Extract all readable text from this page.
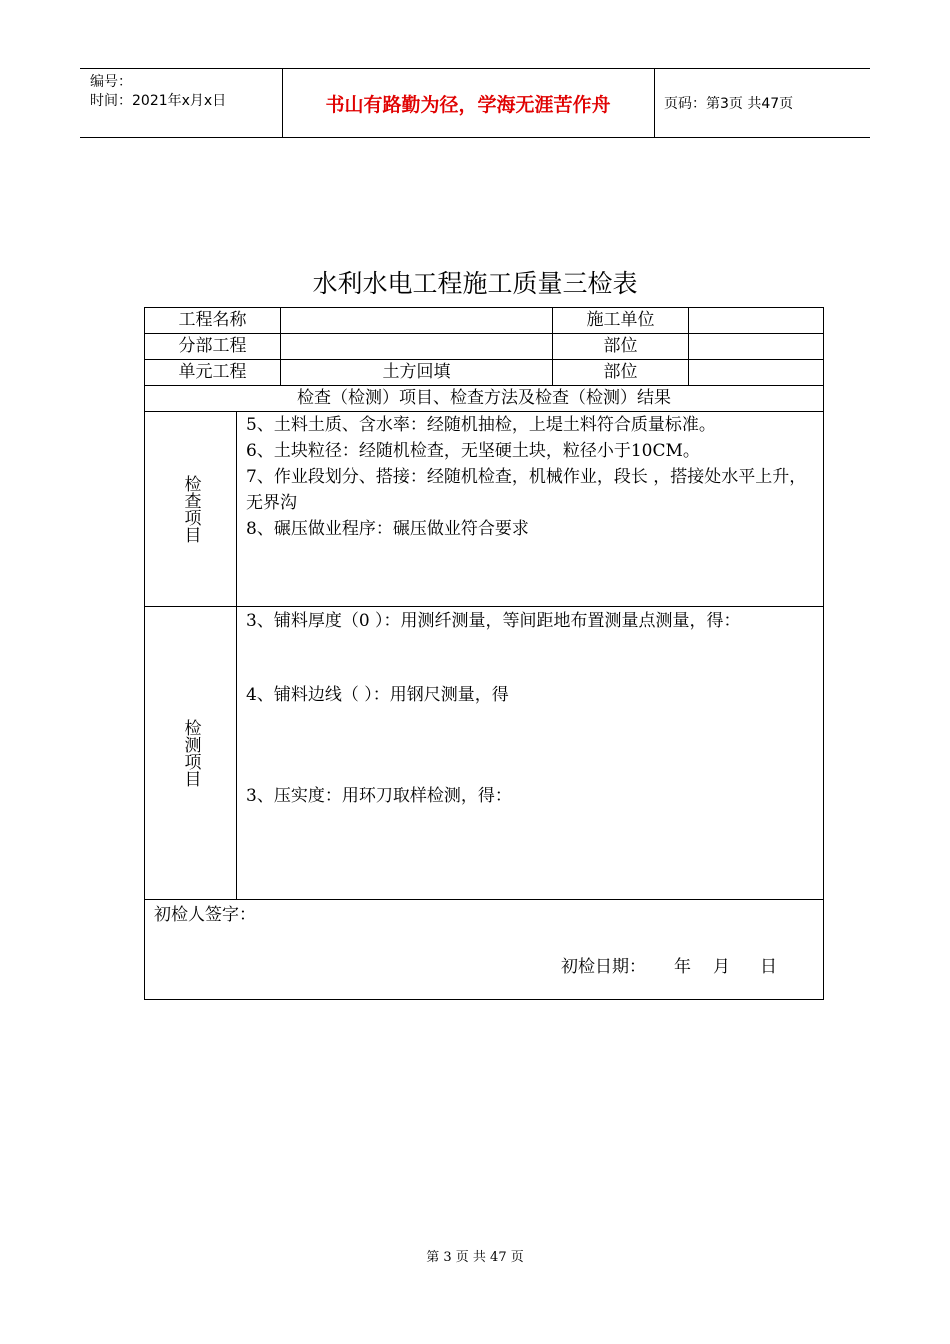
编号：
时间：2021年x月x日	书山有路勤为径，学海无涯苦作舟	页码：第3页 共47页
水利水电工程施工质量三检表
工程名称	施工单位
分部工程	部位
单元工程	土方回填	部位
检查（检测）项目、检查方法及检查（检测）结果
检查项目

5、土料土质、含水率：经随机抽检，上堤土料符合质量标准。

6、土块粒径：经随机检查，无坚硬土块，粒径小于10CM。

7、作业段划分、搭接：经随机检查，机械作业，段长 ，搭接处水平上升，无界沟

8、碾压做业程序：碾压做业符合要求

检测项目
3、铺料厚度（0 ）：用测纤测量，等间距地布置测量点测量，得：
4、铺料边线（ ）：用钢尺测量，得
3、压实度：用环刀取样检测，得：
初检人签字：
初检日期： 年 月 日
第 3 页 共 47 页
